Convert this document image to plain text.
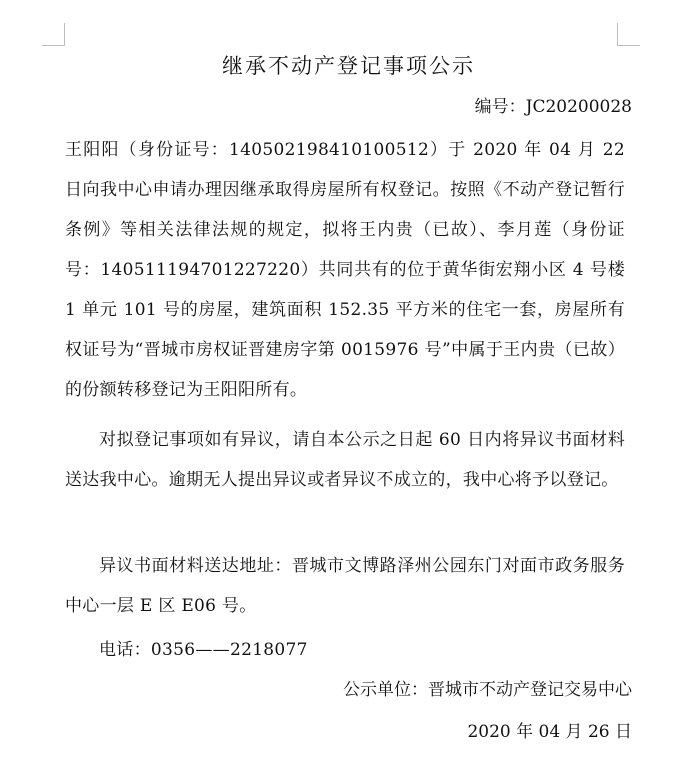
继承不动产登记事项公示
编号：JC20200028
王阳阳（身份证号：140502198410100512）于 2020 年 04 月 22 日向我中心申请办理因继承取得房屋所有权登记。按照《不动产登记暂行条例》等相关法律法规的规定，拟将王内贵（已故）、李月莲（身份证号：140511194701227220）共同共有的位于黄华街宏翔小区 4 号楼 1 单元 101 号的房屋，建筑面积 152.35 平方米的住宅一套，房屋所有权证号为“晋城市房权证晋建房字第 0015976 号”中属于王内贵（已故）的份额转移登记为王阳阳所有。
对拟登记事项如有异议，请自本公示之日起 60 日内将异议书面材料送达我中心。逾期无人提出异议或者异议不成立的，我中心将予以登记。
异议书面材料送达地址：晋城市文博路泽州公园东门对面市政务服务中心一层 E 区 E06 号。
电话：0356——2218077
公示单位：晋城市不动产登记交易中心
2020 年 04 月 26 日
